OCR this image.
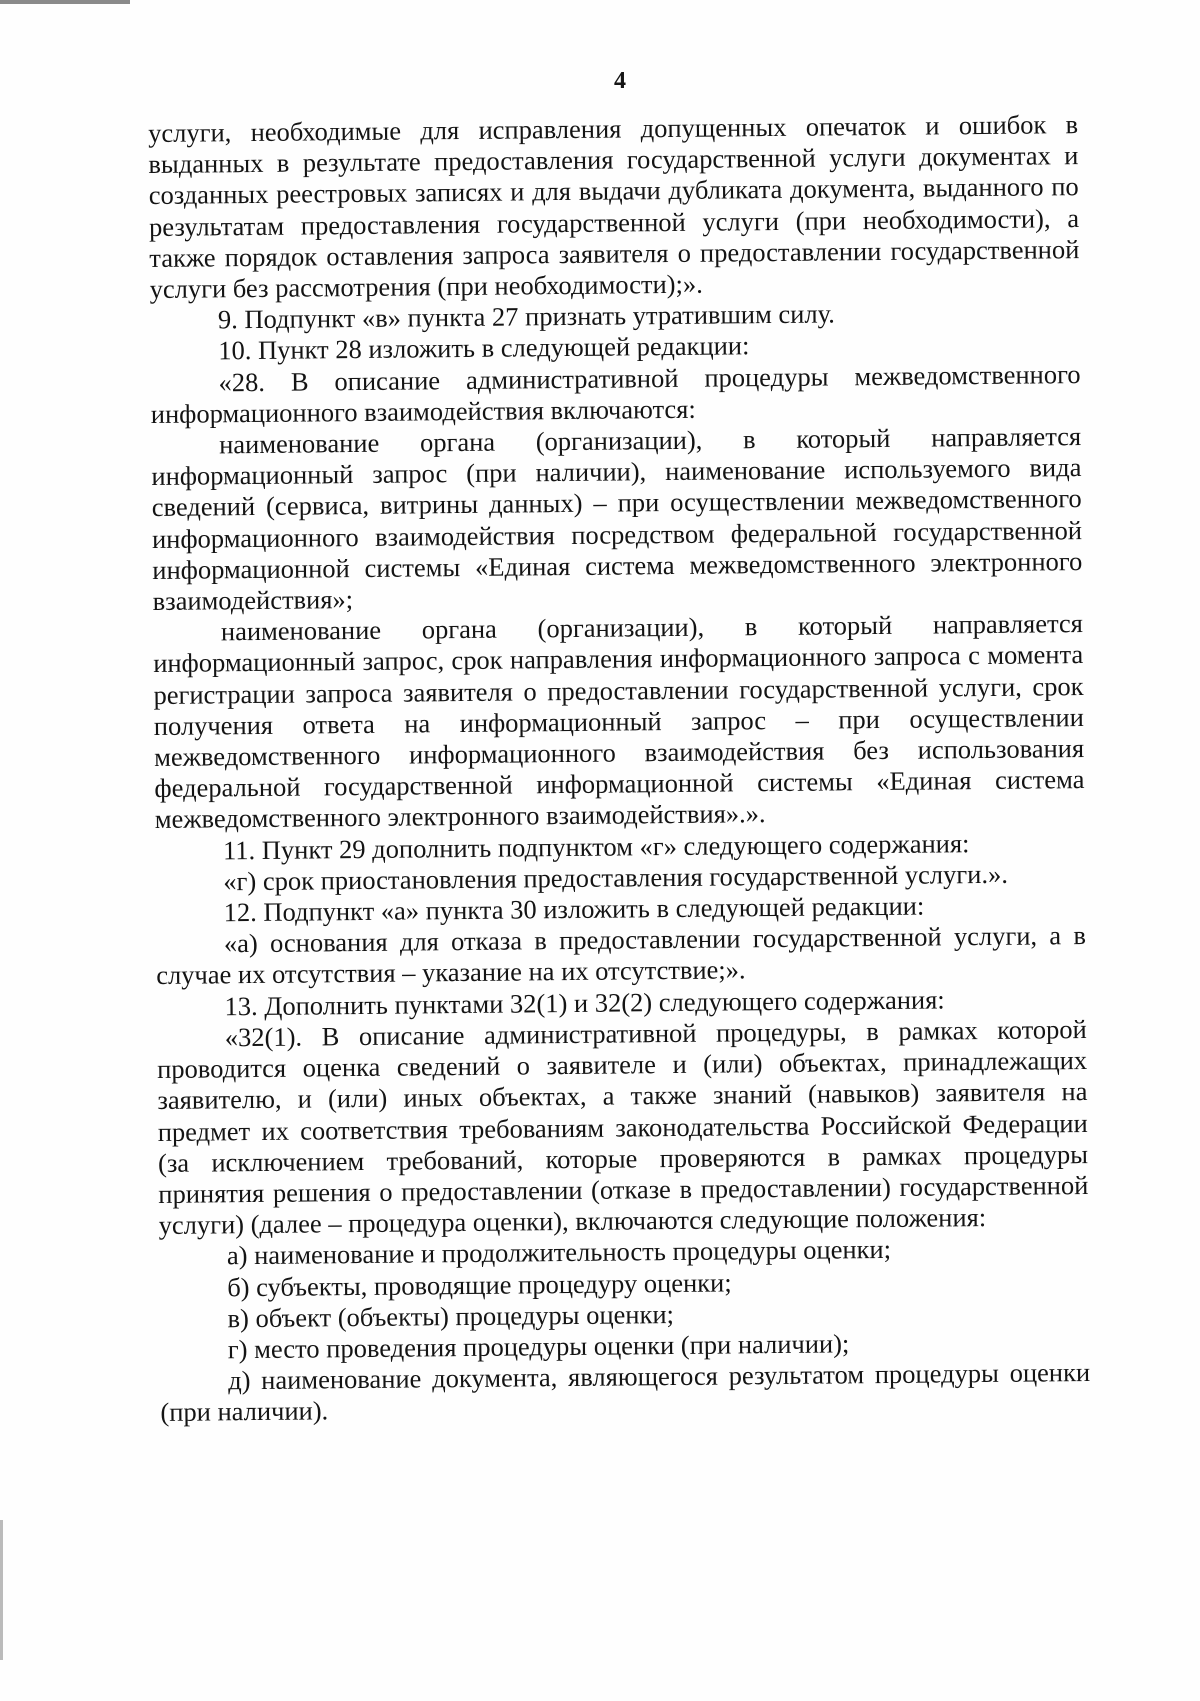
4

услуги, необходимые для исправления допущенных опечаток и ошибок в выданных в результате предоставления государственной услуги документах и созданных реестровых записях и для выдачи дубликата документа, выданного по результатам предоставления государственной услуги (при необходимости), а также порядок оставления запроса заявителя о предоставлении государственной услуги без рассмотрения (при необходимости);».

9. Подпункт «в» пункта 27 признать утратившим силу.

10. Пункт 28 изложить в следующей редакции:

«28. В описание административной процедуры межведомственного информационного взаимодействия включаются:

наименование органа (организации), в который направляется информационный запрос (при наличии), наименование используемого вида сведений (сервиса, витрины данных) – при осуществлении межведомственного информационного взаимодействия посредством федеральной государственной информационной системы «Единая система межведомственного электронного взаимодействия»;

наименование органа (организации), в который направляется информационный запрос, срок направления информационного запроса с момента регистрации запроса заявителя о предоставлении государственной услуги, срок получения ответа на информационный запрос – при осуществлении межведомственного информационного взаимодействия без использования федеральной государственной информационной системы «Единая система межведомственного электронного взаимодействия».».

11. Пункт 29 дополнить подпунктом «г» следующего содержания:

«г) срок приостановления предоставления государственной услуги.».

12. Подпункт «а» пункта 30 изложить в следующей редакции:

«а) основания для отказа в предоставлении государственной услуги, а в случае их отсутствия – указание на их отсутствие;».

13. Дополнить пунктами 32(1) и 32(2) следующего содержания:

«32(1). В описание административной процедуры, в рамках которой проводится оценка сведений о заявителе и (или) объектах, принадлежащих заявителю, и (или) иных объектах, а также знаний (навыков) заявителя на предмет их соответствия требованиям законодательства Российской Федерации (за исключением требований, которые проверяются в рамках процедуры принятия решения о предоставлении (отказе в предоставлении) государственной услуги) (далее – процедура оценки), включаются следующие положения:

а) наименование и продолжительность процедуры оценки;

б) субъекты, проводящие процедуру оценки;

в) объект (объекты) процедуры оценки;

г) место проведения процедуры оценки (при наличии);

д) наименование документа, являющегося результатом процедуры оценки (при наличии).
